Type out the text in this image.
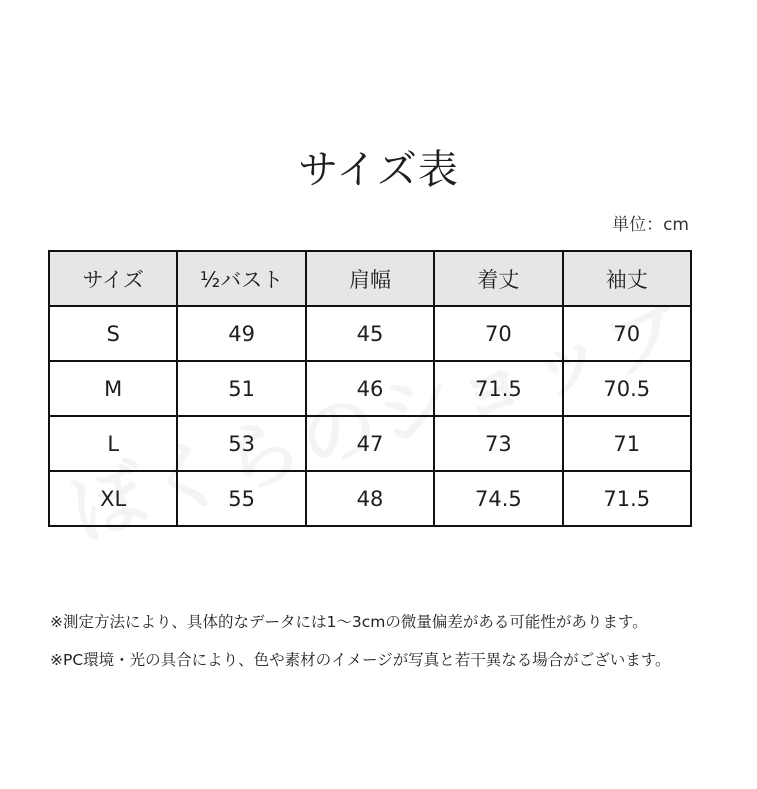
サイズ表
単位：cm
サイズ	½バスト	肩幅	着丈	袖丈
S	49	45	70	70
M	51	46	71.5	70.5
L	53	47	73	71
XL	55	48	74.5	71.5
※測定方法により、具体的なデータには1～3cmの微量偏差がある可能性があります。
※PC環境・光の具合により、色や素材のイメージが写真と若干異なる場合がございます。
